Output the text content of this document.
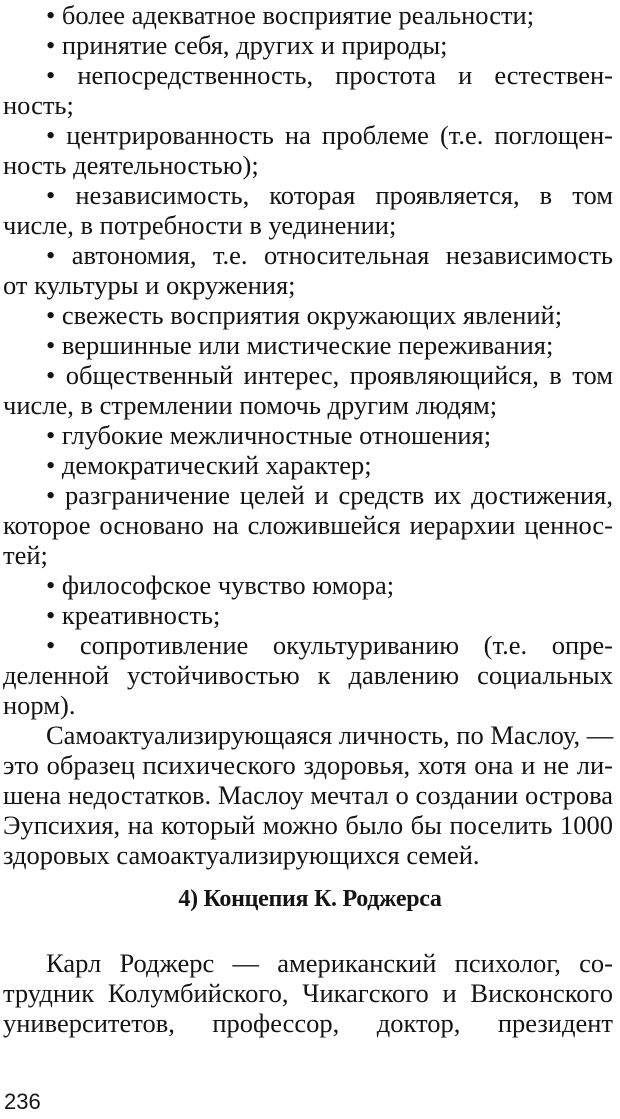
• более адекватное восприятие реальности;
• принятие себя, других и природы;
• непосредственность, простота и естествен-
ность;
• центрированность на проблеме (т.е. поглощен-
ность деятельностью);
• независимость, которая проявляется, в том
числе, в потребности в уединении;
• автономия, т.е. относительная независимость
от культуры и окружения;
• свежесть восприятия окружающих явлений;
• вершинные или мистические переживания;
• общественный интерес, проявляющийся, в том
числе, в стремлении помочь другим людям;
• глубокие межличностные отношения;
• демократический характер;
• разграничение целей и средств их достижения,
которое основано на сложившейся иерархии ценнос-
тей;
• философское чувство юмора;
• креативность;
• сопротивление окультуриванию (т.е. опре-
деленной устойчивостью к давлению социальных
норм).
Самоактуализирующаяся личность, по Маслоу, —
это образец психического здоровья, хотя она и не ли-
шена недостатков. Маслоу мечтал о создании острова
Эупсихия, на который можно было бы поселить 1000
здоровых самоактуализирующихся семей.
4) Концепия К. Роджерса
Карл Роджерс — американский психолог, со-
трудник Колумбийского, Чикагского и Висконского
университетов, профессор, доктор, президент
236
